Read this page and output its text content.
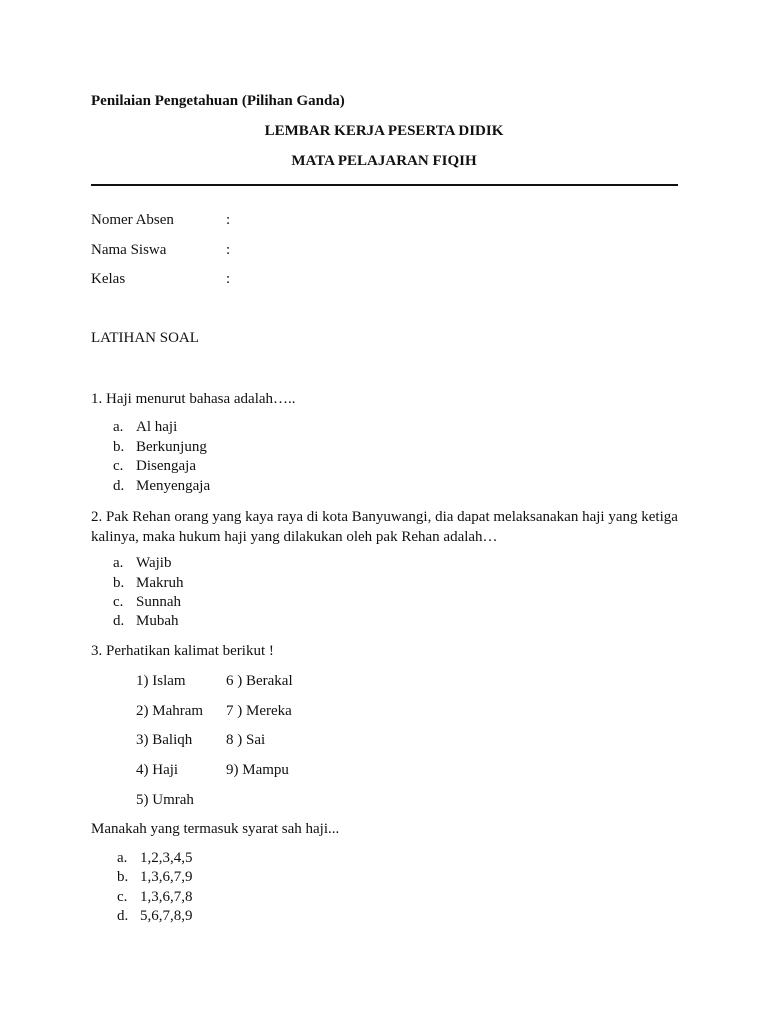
Penilaian Pengetahuan (Pilihan Ganda)
LEMBAR KERJA PESERTA DIDIK
MATA PELAJARAN FIQIH
Nomer Absen	:
Nama Siswa	:
Kelas	:
LATIHAN SOAL
1. Haji menurut bahasa adalah…..
a. Al haji
b. Berkunjung
c. Disengaja
d. Menyengaja
2. Pak Rehan orang yang kaya raya di kota Banyuwangi, dia dapat melaksanakan haji yang ketiga kalinya, maka hukum haji yang dilakukan oleh pak Rehan adalah…
a. Wajib
b. Makruh
c. Sunnah
d. Mubah
3. Perhatikan kalimat berikut !
1) Islam	6 ) Berakal
2) Mahram 7 ) Mereka
3) Baliqh 8 ) Sai
4) Haji	9) Mampu
5) Umrah
Manakah yang termasuk syarat sah haji...
a. 1,2,3,4,5
b. 1,3,6,7,9
c. 1,3,6,7,8
d. 5,6,7,8,9
